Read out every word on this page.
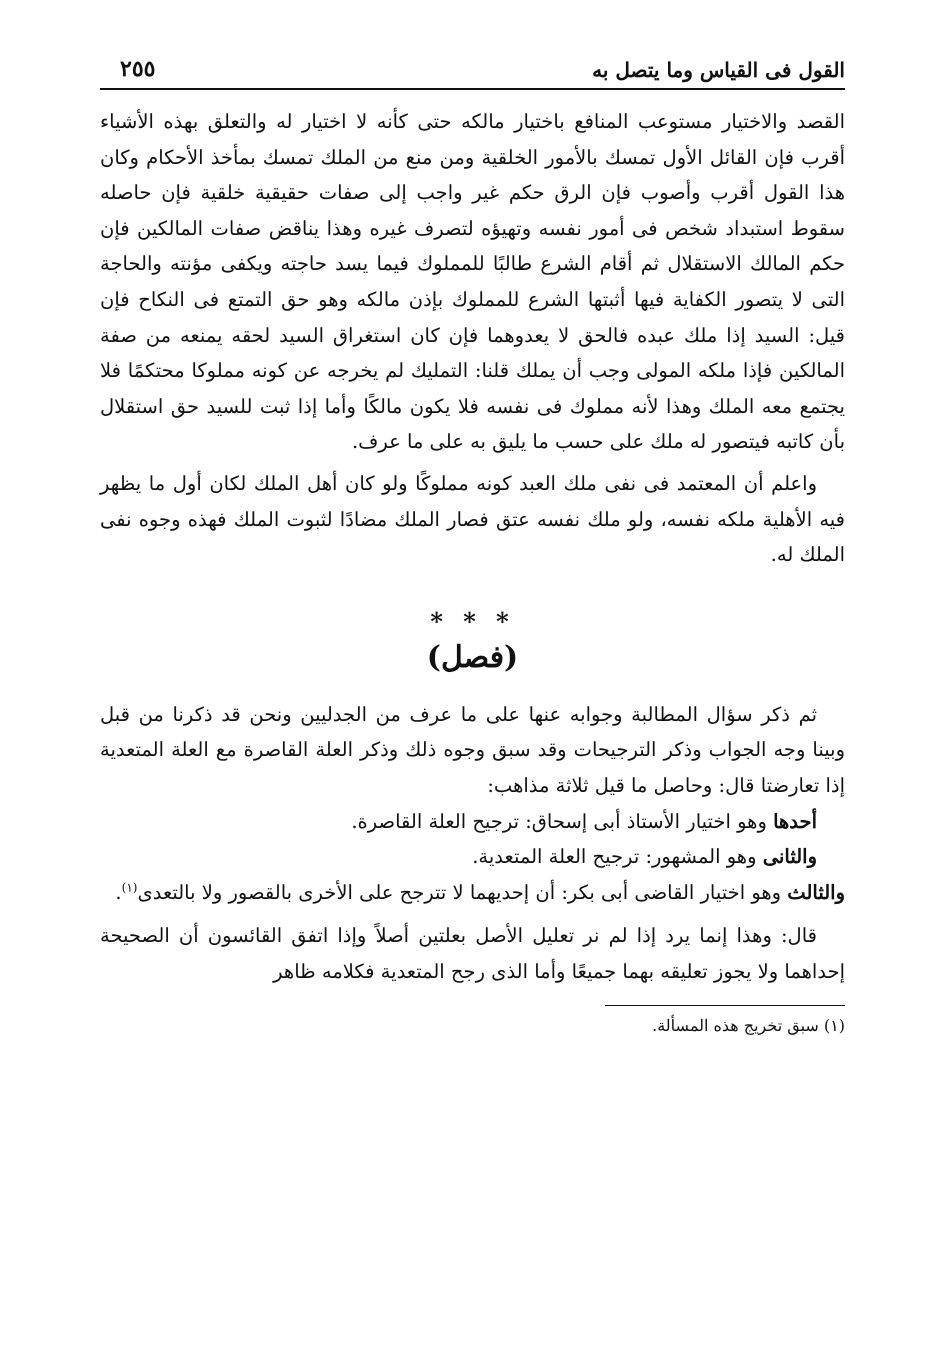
القول فى القياس وما يتصل به
٢٥٥

القصد والاختيار مستوعب المنافع باختيار مالكه حتى كأنه لا اختيار له والتعلق بهذه الأشياء أقرب فإن القائل الأول تمسك بالأمور الخلقية ومن منع من الملك تمسك بمأخذ الأحكام وكان هذا القول أقرب وأصوب فإن الرق حكم غير واجب إلى صفات حقيقية خلقية فإن حاصله سقوط استبداد شخص فى أمور نفسه وتهيؤه لتصرف غيره وهذا يناقض صفات المالكين فإن حكم المالك الاستقلال ثم أقام الشرع طالبًا للمملوك فيما يسد حاجته ويكفى مؤنته والحاجة التى لا يتصور الكفاية فيها أثبتها الشرع للمملوك بإذن مالكه وهو حق التمتع فى النكاح فإن قيل: السيد إذا ملك عبده فالحق لا يعدوهما فإن كان استغراق السيد لحقه يمنعه من صفة المالكين فإذا ملكه المولى وجب أن يملك قلنا: التمليك لم يخرجه عن كونه مملوكا محتكمًا فلا يجتمع معه الملك وهذا لأنه مملوك فى نفسه فلا يكون مالكًا وأما إذا ثبت للسيد حق استقلال بأن كاتبه فيتصور له ملك على حسب ما يليق به على ما عرف.

واعلم أن المعتمد فى نفى ملك العبد كونه مملوكًا ولو كان أهل الملك لكان أول ما يظهر فيه الأهلية ملكه نفسه، ولو ملك نفسه عتق فصار الملك مضادًا لثبوت الملك فهذه وجوه نفى الملك له.

* * *
(فصل)

ثم ذكر سؤال المطالبة وجوابه عنها على ما عرف من الجدليين ونحن قد ذكرنا من قبل وبينا وجه الجواب وذكر الترجيحات وقد سبق وجوه ذلك وذكر العلة القاصرة مع العلة المتعدية إذا تعارضتا قال: وحاصل ما قيل ثلاثة مذاهب:

أحدها وهو اختيار الأستاذ أبى إسحاق: ترجيح العلة القاصرة.

والثانى وهو المشهور: ترجيح العلة المتعدية.

والثالث وهو اختيار القاضى أبى بكر: أن إحديهما لا تترجح على الأخرى بالقصور ولا بالتعدى$^{(١)}$.

قال: وهذا إنما يرد إذا لم نر تعليل الأصل بعلتين أصلاً وإذا اتفق القائسون أن الصحيحة إحداهما ولا يجوز تعليقه بهما جميعًا وأما الذى رجح المتعدية فكلامه ظاهر

(١) سبق تخريج هذه المسألة.
